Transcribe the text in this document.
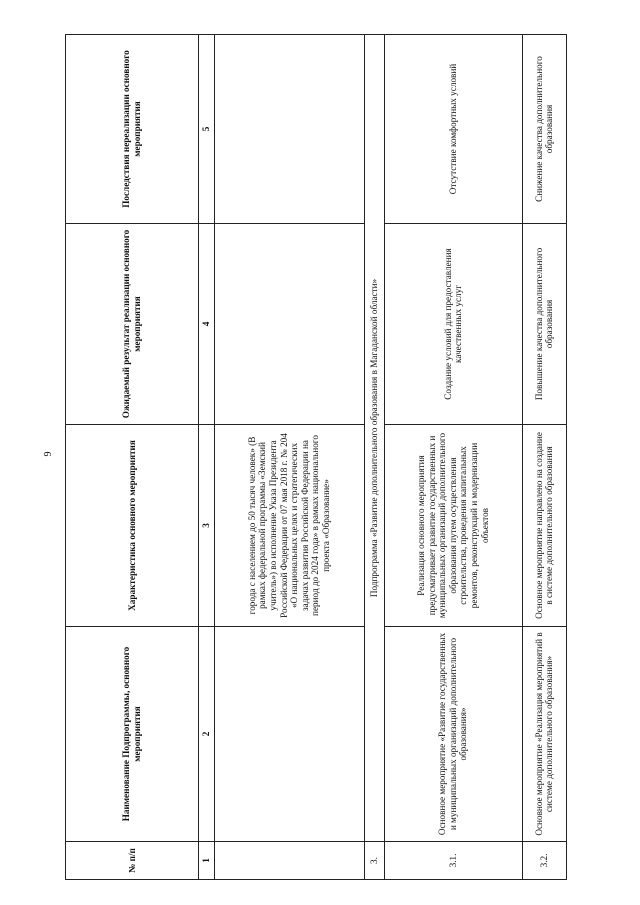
9
№ п/п	Наименование Подпрограммы, основного мероприятия	Характеристика основного мероприятия	Ожидаемый результат реализации основного мероприятия	Последствия нереализации основного мероприятия
1	2	3	4	5
		города с населением до 50 тысяч человек» (В рамках федеральной программы «Земский учитель») во исполнение Указа Президента Российской Федерации от 07 мая 2018 г. № 204 «О национальных целях и стратегических задачах развития Российской Федерации на период до 2024 года» в рамках национального проекта «Образование»		
3.	Подпрограмма «Развитие дополнительного образования в Магаданской области»			
3.1.	Основное мероприятие «Развитие государственных и муниципальных организаций дополнительного образования»	Реализация основного мероприятия предусматривает развитие государственных и муниципальных организаций дополнительного образования путем осуществления строительства, проведения капитальных ремонтов, реконструкций и модернизации объектов	Создание условий для предоставления качественных услуг	Отсутствие комфортных условий
3.2.	Основное мероприятие «Реализация мероприятий в системе дополнительного образования»	Основное мероприятие направлено на создание в системе дополнительного образования	Повышение качества дополнительного образования	Снижение качества дополнительного образования
